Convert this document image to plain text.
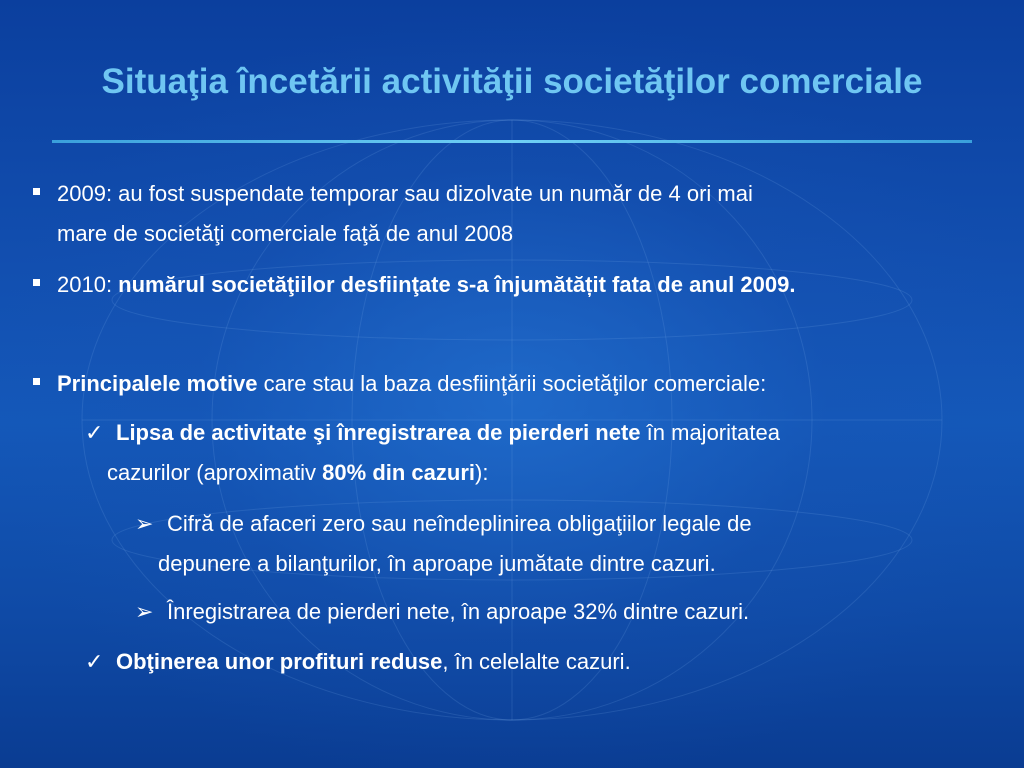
Situaţia încetării activităţii societăţilor comerciale
2009: au fost suspendate temporar sau dizolvate un număr de 4 ori mai
mare de societăţi comerciale faţă de anul 2008
2010: numărul societăţiilor desfiinţate s-a înjumătățit fata de anul 2009.
Principalele motive care stau la baza desfiinţării societăţilor comerciale:
✓ Lipsa de activitate şi înregistrarea de pierderi nete în majoritatea
cazurilor (aproximativ 80% din cazuri):
➢ Cifră de afaceri zero sau neîndeplinirea obligaţiilor legale de
depunere a bilanţurilor, în aproape jumătate dintre cazuri.
➢ Înregistrarea de pierderi nete, în aproape 32% dintre cazuri.
✓ Obţinerea unor profituri reduse, în celelalte cazuri.
